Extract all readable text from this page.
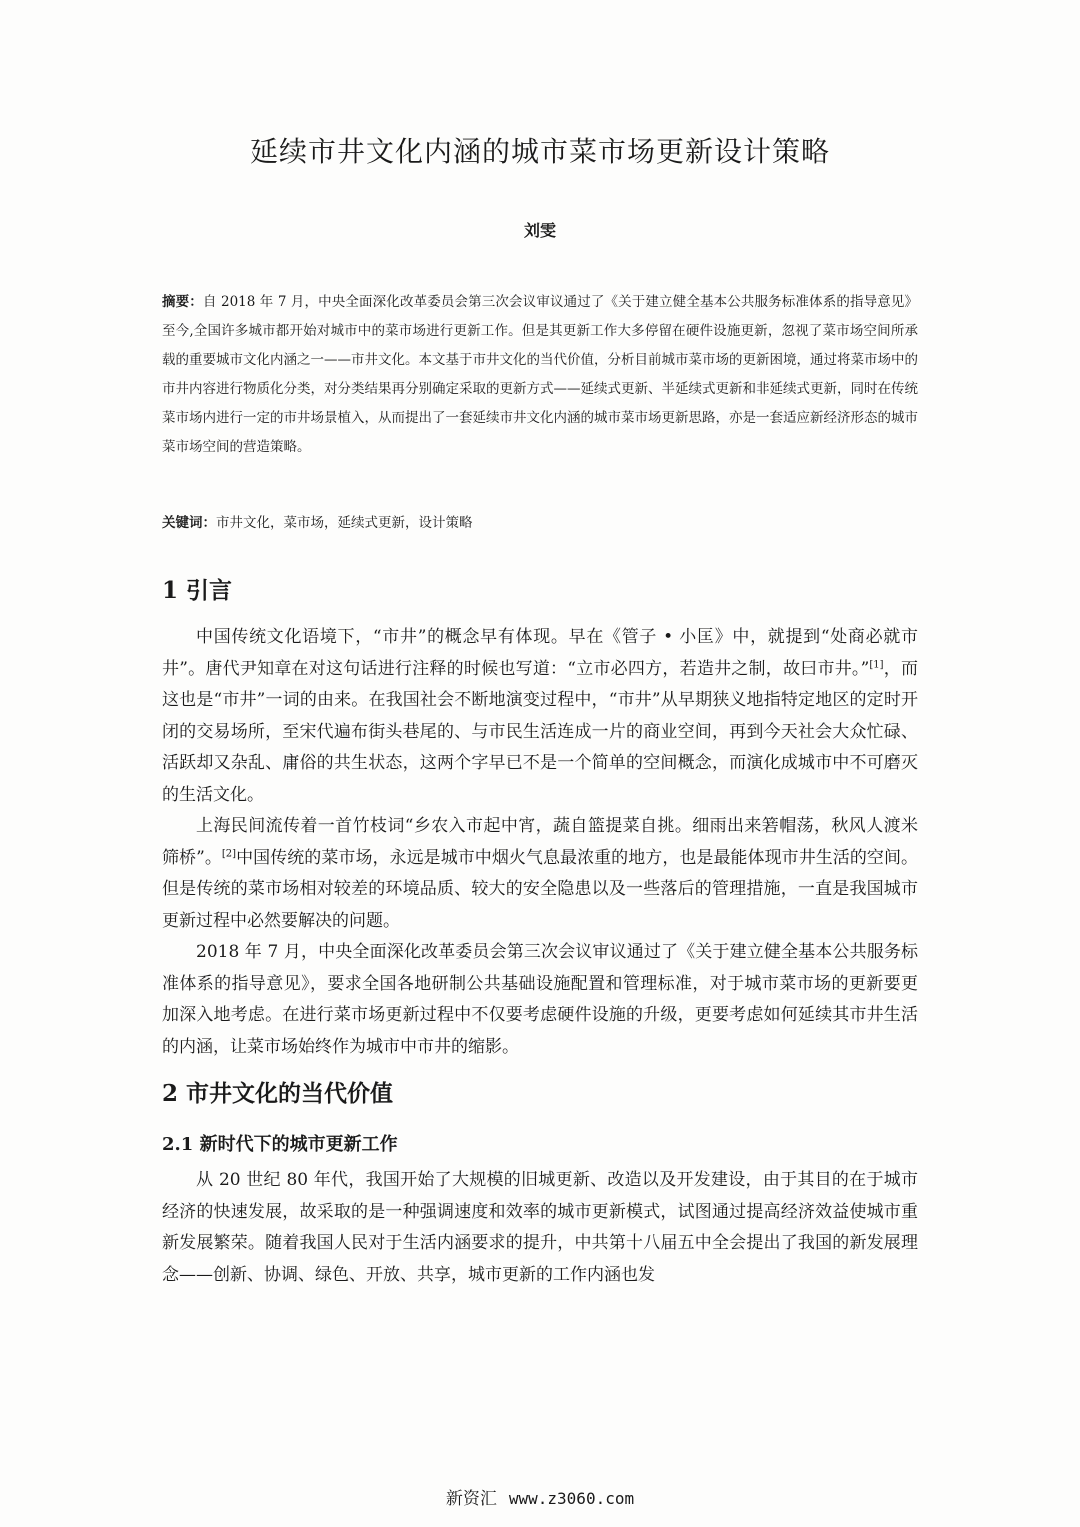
延续市井文化内涵的城市菜市场更新设计策略
刘雯
摘要：自 2018 年 7 月，中央全面深化改革委员会第三次会议审议通过了《关于建立健全基本公共服务标准体系的指导意见》至今,全国许多城市都开始对城市中的菜市场进行更新工作。但是其更新工作大多停留在硬件设施更新，忽视了菜市场空间所承载的重要城市文化内涵之一——市井文化。本文基于市井文化的当代价值，分析目前城市菜市场的更新困境，通过将菜市场中的市井内容进行物质化分类，对分类结果再分别确定采取的更新方式——延续式更新、半延续式更新和非延续式更新，同时在传统菜市场内进行一定的市井场景植入，从而提出了一套延续市井文化内涵的城市菜市场更新思路，亦是一套适应新经济形态的城市菜市场空间的营造策略。
关键词：市井文化，菜市场，延续式更新，设计策略
1 引言

中国传统文化语境下，“市井”的概念早有体现。早在《管子 • 小匡》中，就提到“处商必就市井”。唐代尹知章在对这句话进行注释的时候也写道：“立市必四方，若造井之制，故曰市井。”[1]，而这也是“市井”一词的由来。在我国社会不断地演变过程中，“市井”从早期狭义地指特定地区的定时开闭的交易场所，至宋代遍布街头巷尾的、与市民生活连成一片的商业空间，再到今天社会大众忙碌、活跃却又杂乱、庸俗的共生状态，这两个字早已不是一个简单的空间概念，而演化成城市中不可磨灭的生活文化。

上海民间流传着一首竹枝词“乡农入市起中宵，蔬自篮提菜自挑。细雨出来箬帽荡，秋风人渡米筛桥”。[2]中国传统的菜市场，永远是城市中烟火气息最浓重的地方，也是最能体现市井生活的空间。但是传统的菜市场相对较差的环境品质、较大的安全隐患以及一些落后的管理措施，一直是我国城市更新过程中必然要解决的问题。

2018 年 7 月，中央全面深化改革委员会第三次会议审议通过了《关于建立健全基本公共服务标准体系的指导意见》，要求全国各地研制公共基础设施配置和管理标准，对于城市菜市场的更新要更加深入地考虑。在进行菜市场更新过程中不仅要考虑硬件设施的升级，更要考虑如何延续其市井生活的内涵，让菜市场始终作为城市中市井的缩影。

2 市井文化的当代价值
2.1 新时代下的城市更新工作

从 20 世纪 80 年代，我国开始了大规模的旧城更新、改造以及开发建设，由于其目的在于城市经济的快速发展，故采取的是一种强调速度和效率的城市更新模式，试图通过提高经济效益使城市重新发展繁荣。随着我国人民对于生活内涵要求的提升，中共第十八届五中全会提出了我国的新发展理念——创新、协调、绿色、开放、共享，城市更新的工作内涵也发

新资汇 www.z3060.com
